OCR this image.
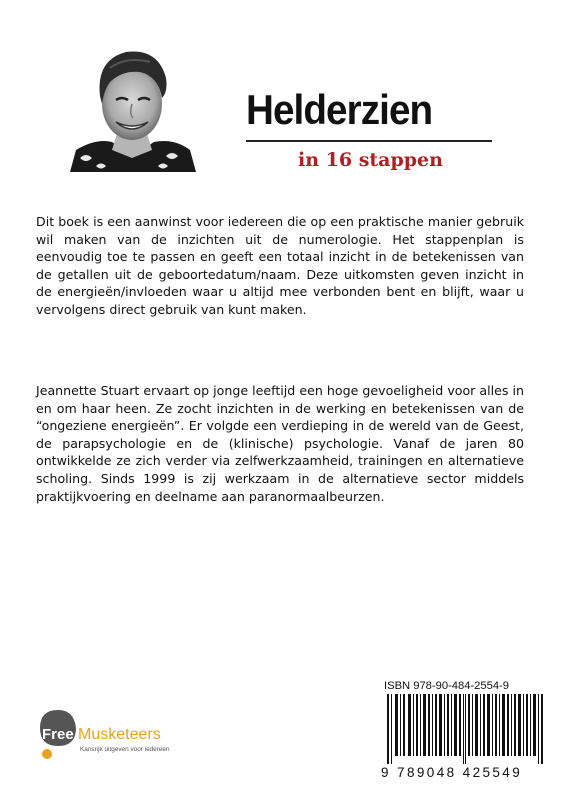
Helderzien
in 16 stappen

Dit boek is een aanwinst voor iedereen die op een praktische manier gebruik wil maken van de inzichten uit de numerologie. Het stappenplan is eenvoudig toe te passen en geeft een totaal inzicht in de betekenissen van de getallen uit de geboortedatum/naam. Deze uitkomsten geven inzicht in de energieën/invloeden waar u altijd mee verbonden bent en blijft, waar u vervolgens direct gebruik van kunt maken.

Jeannette Stuart ervaart op jonge leeftijd een hoge gevoeligheid voor alles in en om haar heen. Ze zocht inzichten in de werking en betekenissen van de “ongeziene energieën”. Er volgde een verdieping in de wereld van de Geest, de parapsychologie en de (klinische) psychologie. Vanaf de jaren 80 ontwikkelde ze zich verder via zelfwerkzaamheid, trainingen en alternatieve scholing. Sinds 1999 is zij werkzaam in de alternatieve sector middels praktijkvoering en deelname aan paranormaalbeurzen.

Free Musketeers
Kansrijk uitgeven voor iedereen
ISBN 978-90-484-2554-9
9 789048 425549
